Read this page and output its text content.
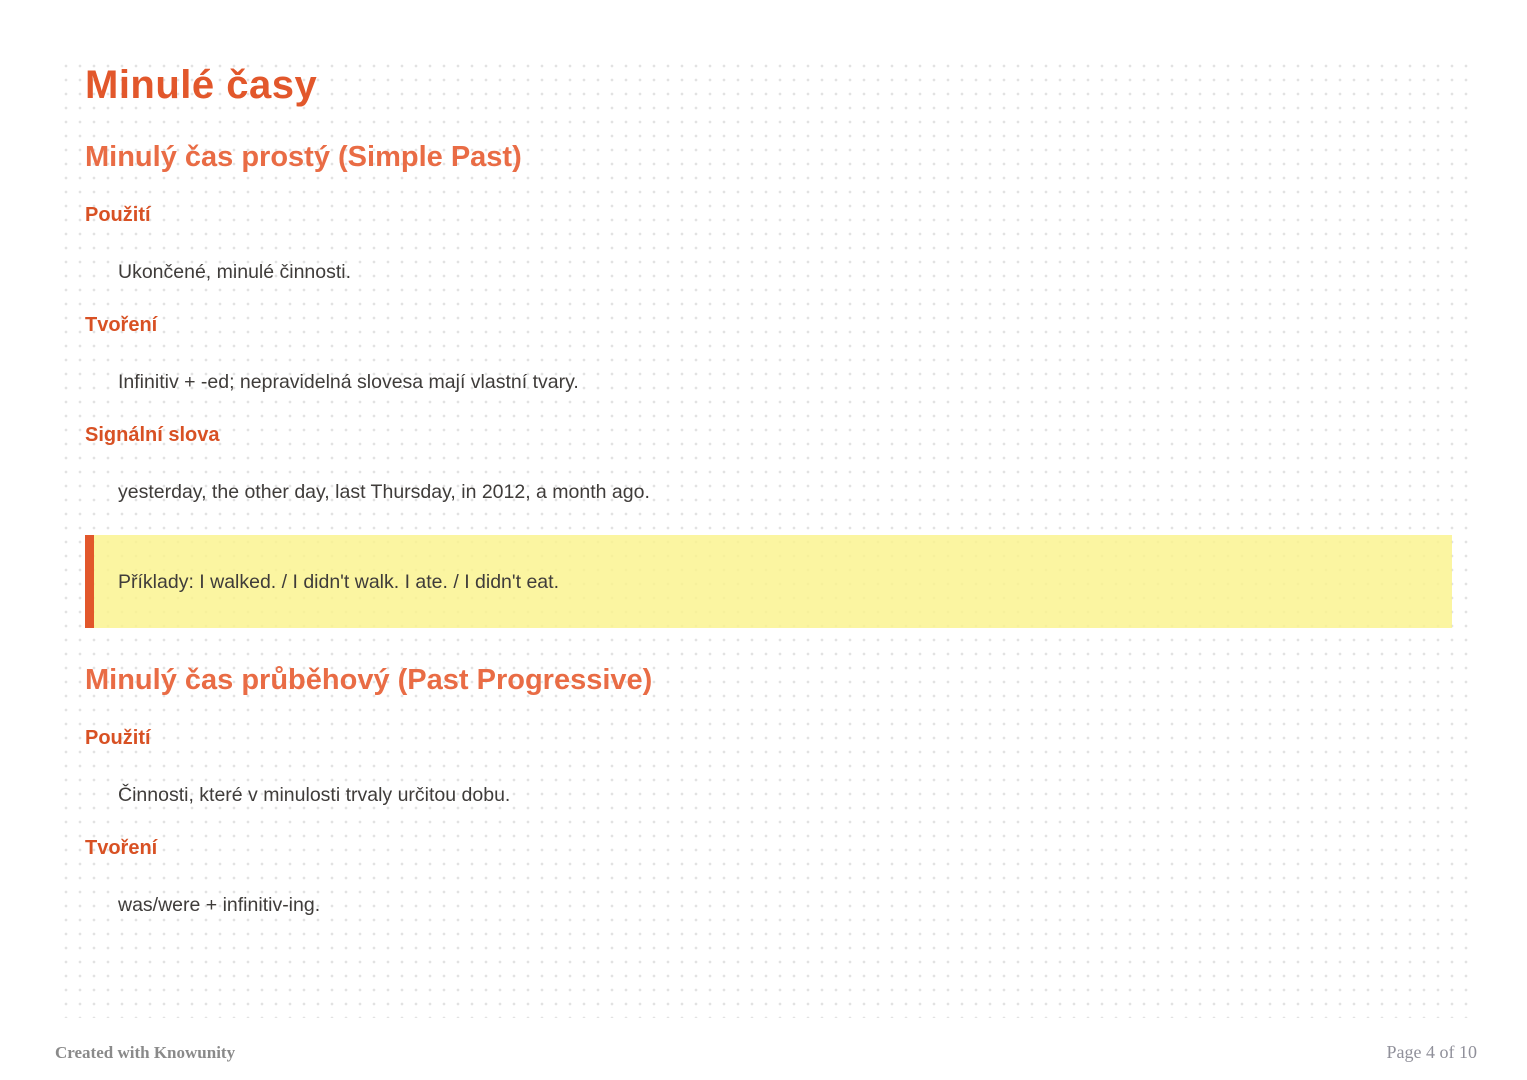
Minulé časy
Minulý čas prostý (Simple Past)
Použití

Ukončené, minulé činnosti.

Tvoření

Infinitiv + -ed; nepravidelná slovesa mají vlastní tvary.

Signální slova

yesterday, the other day, last Thursday, in 2012, a month ago.

Příklady: I walked. / I didn't walk. I ate. / I didn't eat.

Minulý čas průběhový (Past Progressive)
Použití

Činnosti, které v minulosti trvaly určitou dobu.

Tvoření

was/were + infinitiv-ing.

Created with Knowunity	Page 4 of 10
